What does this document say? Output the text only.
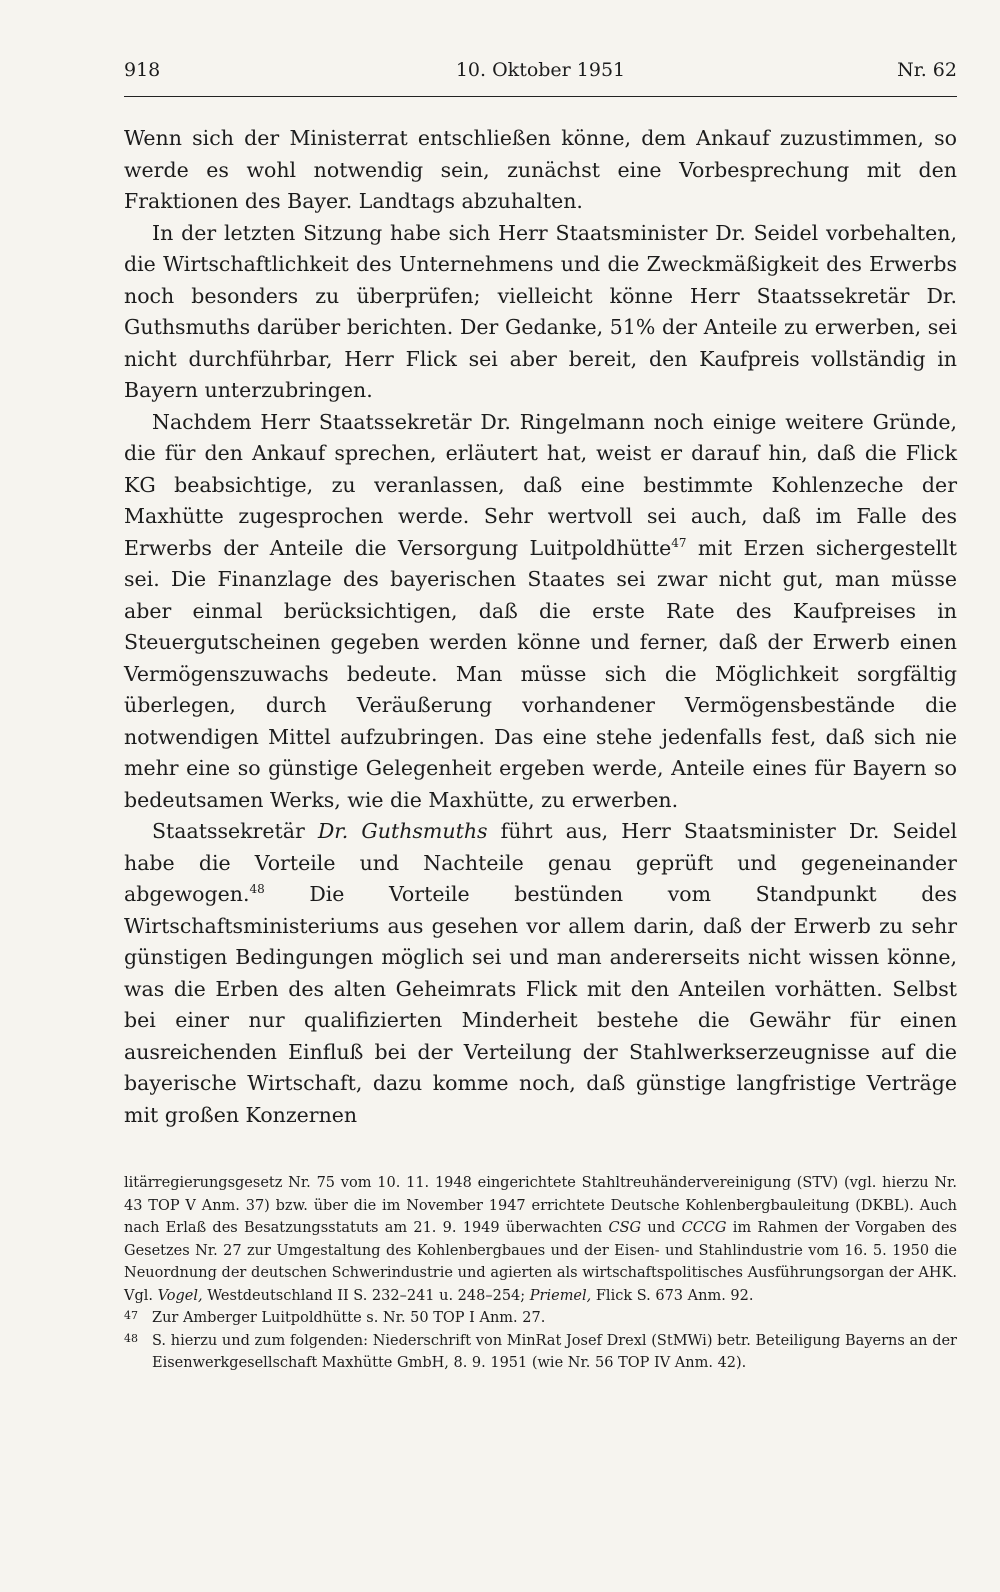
918	10. Oktober 1951	Nr. 62

Wenn sich der Ministerrat entschließen könne, dem Ankauf zuzustimmen, so werde es wohl notwendig sein, zunächst eine Vorbesprechung mit den Fraktionen des Bayer. Landtags abzuhalten.

In der letzten Sitzung habe sich Herr Staatsminister Dr. Seidel vorbehalten, die Wirtschaftlichkeit des Unternehmens und die Zweckmäßigkeit des Erwerbs noch besonders zu überprüfen; vielleicht könne Herr Staatssekretär Dr. Guthsmuths darüber berichten. Der Gedanke, 51% der Anteile zu erwerben, sei nicht durchführbar, Herr Flick sei aber bereit, den Kaufpreis vollständig in Bayern unterzubringen.

Nachdem Herr Staatssekretär Dr. Ringelmann noch einige weitere Gründe, die für den Ankauf sprechen, erläutert hat, weist er darauf hin, daß die Flick KG beabsichtige, zu veranlassen, daß eine bestimmte Kohlenzeche der Maxhütte zugesprochen werde. Sehr wertvoll sei auch, daß im Falle des Erwerbs der Anteile die Versorgung Luitpoldhütte$^{47}$ mit Erzen sichergestellt sei. Die Finanzlage des bayerischen Staates sei zwar nicht gut, man müsse aber einmal berücksichtigen, daß die erste Rate des Kaufpreises in Steuergutscheinen gegeben werden könne und ferner, daß der Erwerb einen Vermögenszuwachs bedeute. Man müsse sich die Möglichkeit sorgfältig überlegen, durch Veräußerung vorhandener Vermögensbestände die notwendigen Mittel aufzubringen. Das eine stehe jedenfalls fest, daß sich nie mehr eine so günstige Gelegenheit ergeben werde, Anteile eines für Bayern so bedeutsamen Werks, wie die Maxhütte, zu erwerben.

Staatssekretär Dr. Guthsmuths führt aus, Herr Staatsminister Dr. Seidel habe die Vorteile und Nachteile genau geprüft und gegeneinander abgewogen.$^{48}$ Die Vorteile bestünden vom Standpunkt des Wirtschaftsministeriums aus gesehen vor allem darin, daß der Erwerb zu sehr günstigen Bedingungen möglich sei und man andererseits nicht wissen könne, was die Erben des alten Geheimrats Flick mit den Anteilen vorhätten. Selbst bei einer nur qualifizierten Minderheit bestehe die Gewähr für einen ausreichenden Einfluß bei der Verteilung der Stahlwerkserzeugnisse auf die bayerische Wirtschaft, dazu komme noch, daß günstige langfristige Verträge mit großen Konzernen

litärregierungsgesetz Nr. 75 vom 10. 11. 1948 eingerichtete Stahltreuhändervereinigung (STV) (vgl. hierzu Nr. 43 TOP V Anm. 37) bzw. über die im November 1947 errichtete Deutsche Kohlenbergbauleitung (DKBL). Auch nach Erlaß des Besatzungsstatuts am 21. 9. 1949 überwachten CSG und CCCG im Rahmen der Vorgaben des Gesetzes Nr. 27 zur Umgestaltung des Kohlenbergbaues und der Eisen- und Stahlindustrie vom 16. 5. 1950 die Neuordnung der deutschen Schwerindustrie und agierten als wirtschaftspolitisches Ausführungsorgan der AHK. Vgl. Vogel, Westdeutschland II S. 232–241 u. 248–254; Priemel, Flick S. 673 Anm. 92.

47 Zur Amberger Luitpoldhütte s. Nr. 50 TOP I Anm. 27.

48 S. hierzu und zum folgenden: Niederschrift von MinRat Josef Drexl (StMWi) betr. Beteiligung Bayerns an der Eisenwerkgesellschaft Maxhütte GmbH, 8. 9. 1951 (wie Nr. 56 TOP IV Anm. 42).
